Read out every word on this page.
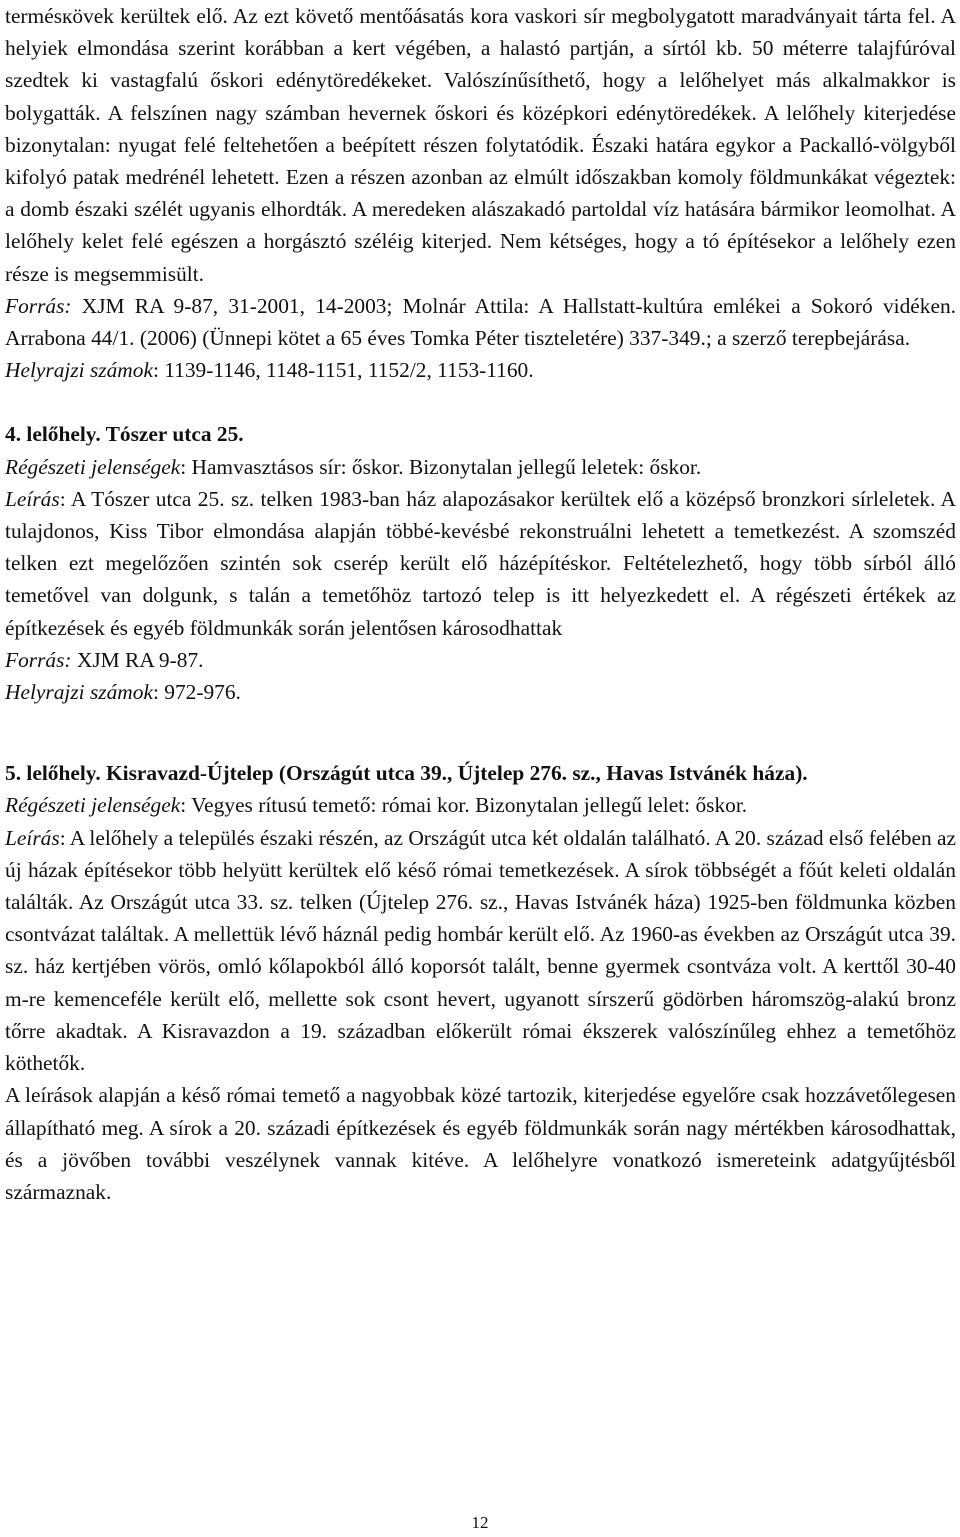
termésкövek kerültek elő. Az ezt követő mentőásatás kora vaskori sír megbolygatott maradványait tárta fel. A helyiek elmondása szerint korábban a kert végében, a halastó partján, a sírtól kb. 50 méterre talajfúróval szedtek ki vastagfalú őskori edénytöredékeket. Valószínűsíthető, hogy a lelőhelyet más alkalmakkor is bolygatták. A felszínen nagy számban hevernek őskori és középkori edénytöredékek. A lelőhely kiterjedése bizonytalan: nyugat felé feltehetően a beépített részen folytatódik. Északi határa egykor a Packalló-völgyből kifolyó patak medrénél lehetett. Ezen a részen azonban az elmúlt időszakban komoly földmunkákat végeztek: a domb északi szélét ugyanis elhordták. A meredeken alászakadó partoldal víz hatására bármikor leomolhat. A lelőhely kelet felé egészen a horgásztó széléig kiterjed. Nem kétséges, hogy a tó építésekor a lelőhely ezen része is megsemmisült.

Forrás: XJM RA 9-87, 31-2001, 14-2003; Molnár Attila: A Hallstatt-kultúra emlékei a Sokoró vidéken. Arrabona 44/1. (2006) (Ünnepi kötet a 65 éves Tomka Péter tiszteletére) 337-349.; a szerző terepbejárása.

Helyrajzi számok: 1139-1146, 1148-1151, 1152/2, 1153-1160.

4. lelőhely. Tószer utca 25.

Régészeti jelenségek: Hamvasztásos sír: őskor. Bizonytalan jellegű leletek: őskor.

Leírás: A Tószer utca 25. sz. telken 1983-ban ház alapozásakor kerültek elő a középső bronzkori sírleletek. A tulajdonos, Kiss Tibor elmondása alapján többé-kevésbé rekonstruálni lehetett a temetkezést. A szomszéd telken ezt megelőzően szintén sok cserép került elő házépítéskor. Feltételezhető, hogy több sírból álló temetővel van dolgunk, s talán a temetőhöz tartozó telep is itt helyezkedett el. A régészeti értékek az építkezések és egyéb földmunkák során jelentősen károsodhattak

Forrás: XJM RA 9-87.

Helyrajzi számok: 972-976.

5. lelőhely. Kisravazd-Újtelep (Országút utca 39., Újtelep 276. sz., Havas Istvánék háza).

Régészeti jelenségek: Vegyes rítusú temető: római kor. Bizonytalan jellegű lelet: őskor.

Leírás: A lelőhely a település északi részén, az Országút utca két oldalán található. A 20. század első felében az új házak építésekor több helyütt kerültek elő késő római temetkezések. A sírok többségét a főút keleti oldalán találták. Az Országút utca 33. sz. telken (Újtelep 276. sz., Havas Istvánék háza) 1925-ben földmunka közben csontvázat találtak. A mellettük lévő háznál pedig hombár került elő. Az 1960-as években az Országút utca 39. sz. ház kertjében vörös, omló kőlapokból álló koporsót talált, benne gyermek csontváza volt. A kerttől 30-40 m-re kemenceféle került elő, mellette sok csont hevert, ugyanott sírszerű gödörben háromszög-alakú bronz tőrre akadtak. A Kisravazdon a 19. században előkerült római ékszerek valószínűleg ehhez a temetőhöz köthetők.

A leírások alapján a késő római temető a nagyobbak közé tartozik, kiterjedése egyelőre csak hozzávetőlegesen állapítható meg. A sírok a 20. századi építkezések és egyéb földmunkák során nagy mértékben károsodhattak, és a jövőben további veszélynek vannak kitéve. A lelőhelyre vonatkozó ismereteink adatgyűjtésből származnak.

12
